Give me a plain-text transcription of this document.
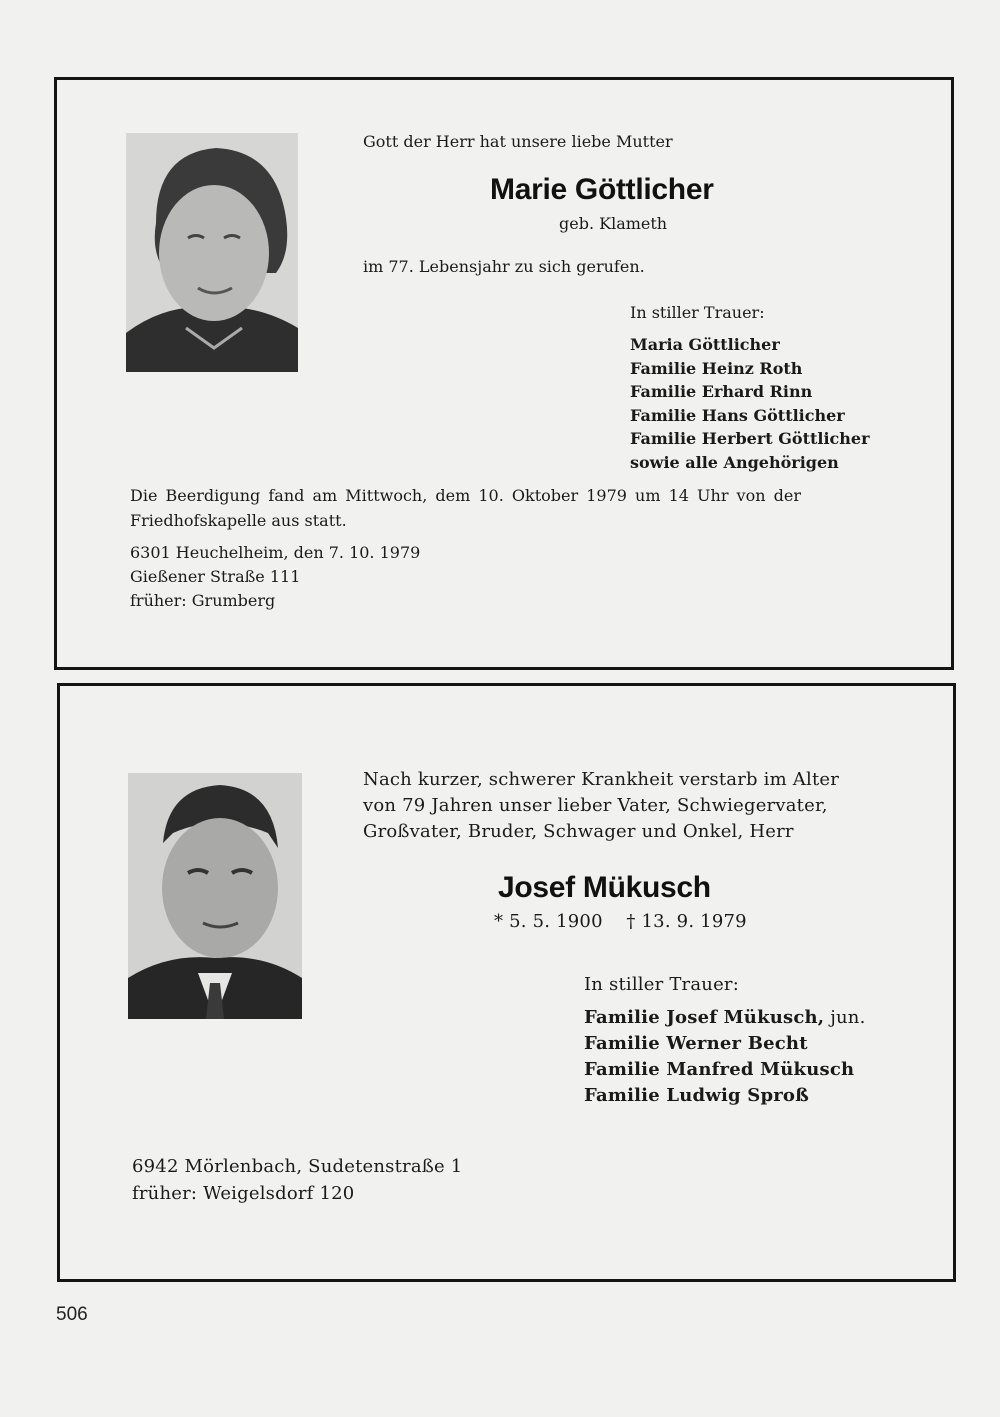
Gott der Herr hat unsere liebe Mutter
Marie Göttlicher
geb. Klameth
im 77. Lebensjahr zu sich gerufen.
In stiller Trauer:
Maria Göttlicher
Familie Heinz Roth
Familie Erhard Rinn
Familie Hans Göttlicher
Familie Herbert Göttlicher
sowie alle Angehörigen
Die Beerdigung fand am Mittwoch, dem 10. Oktober 1979 um 14 Uhr von der
Friedhofskapelle aus statt.
6301 Heuchelheim, den 7. 10. 1979
Gießener Straße 111
früher: Grumberg
Nach kurzer, schwerer Krankheit verstarb im Alter
von 79 Jahren unser lieber Vater, Schwiegervater,
Großvater, Bruder, Schwager und Onkel, Herr
Josef Mükusch
* 5. 5. 1900    † 13. 9. 1979
In stiller Trauer:
Familie Josef Mükusch, jun.
Familie Werner Becht
Familie Manfred Mükusch
Familie Ludwig Sproß
6942 Mörlenbach, Sudetenstraße 1
früher: Weigelsdorf 120
506
